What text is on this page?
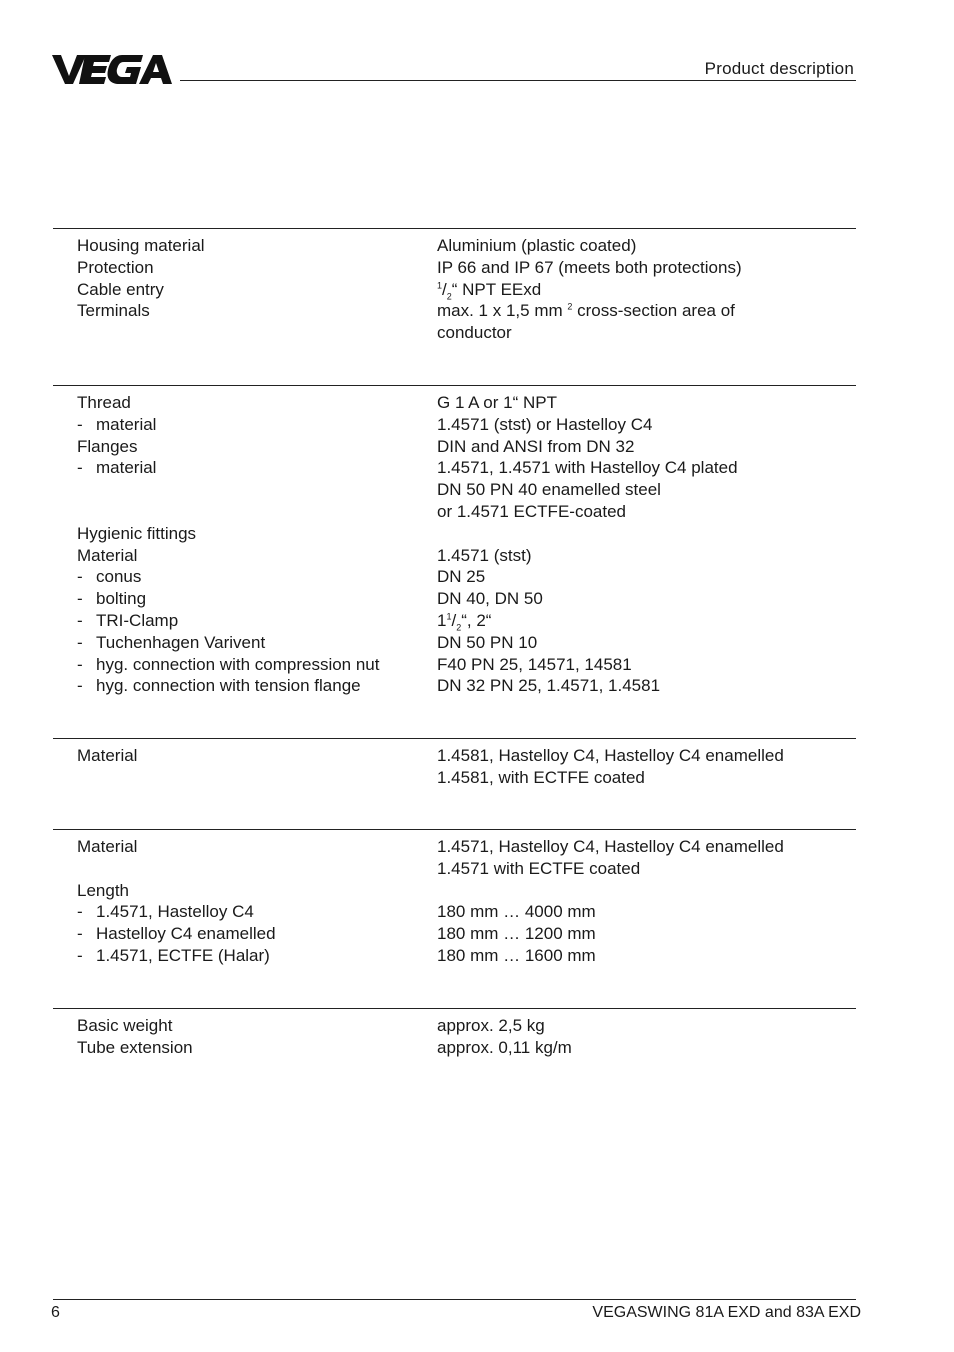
Product description
Housing material	Aluminium (plastic coated)
Protection	IP 66 and IP 67 (meets both protections)
Cable entry	$^1/_2“$ NPT EExd
Terminals	max. 1 x 1,5 mm $^2$ cross-section area of
conductor
Thread	G 1 A or 1“ NPT
- material	1.4571 (stst) or Hastelloy C4
Flanges	DIN and ANSI from DN 32
- material	1.4571, 1.4571 with Hastelloy C4 plated
DN 50 PN 40 enamelled steel
or 1.4571 ECTFE-coated
Hygienic fittings
Material	1.4571 (stst)
- conus	DN 25
- bolting	DN 40, DN 50
- TRI-Clamp	$1^1/_2“$, 2“
- Tuchenhagen Varivent	DN 50 PN 10
- hyg. connection with compression nut	F40 PN 25, 14571, 14581
- hyg. connection with tension flange	DN 32 PN 25, 1.4571, 1.4581
Material	1.4581, Hastelloy C4, Hastelloy C4 enamelled
1.4581, with ECTFE coated
Material	1.4571, Hastelloy C4, Hastelloy C4 enamelled
1.4571 with ECTFE coated
Length
- 1.4571, Hastelloy C4	180 mm … 4000 mm
- Hastelloy C4 enamelled	180 mm … 1200 mm
- 1.4571, ECTFE (Halar)	180 mm … 1600 mm
Basic weight	approx. 2,5 kg
Tube extension	approx. 0,11 kg/m
6	VEGASWING 81A EXD and 83A EXD
